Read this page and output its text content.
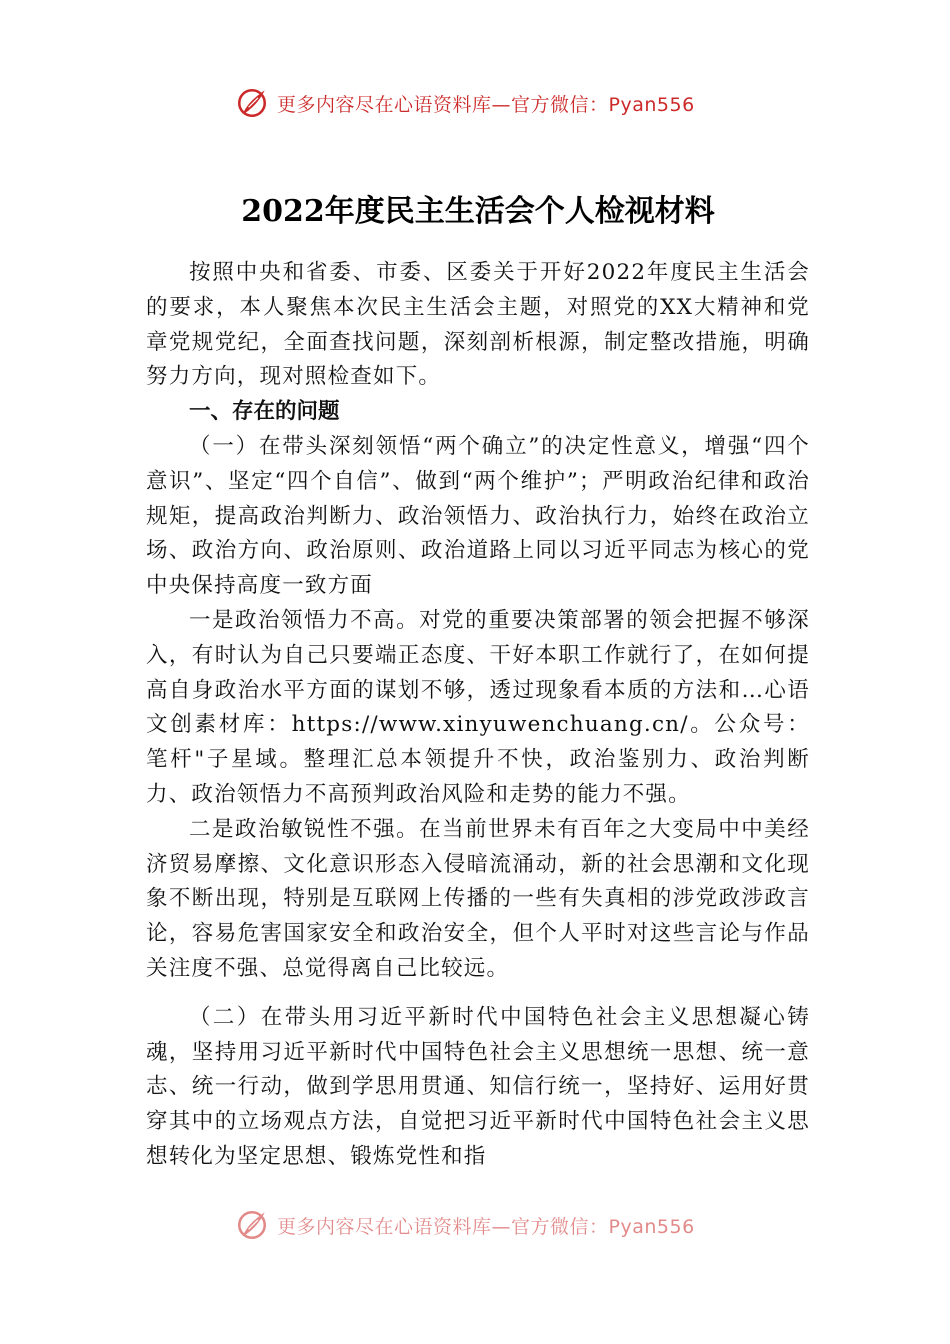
更多内容尽在心语资料库—官方微信：Pyan556
2022年度民主生活会个人检视材料

按照中央和省委、市委、区委关于开好2022年度民主生活会的要求，本人聚焦本次民主生活会主题，对照党的XX大精神和党章党规党纪，全面查找问题，深刻剖析根源，制定整改措施，明确努力方向，现对照检查如下。

一、存在的问题

（一）在带头深刻领悟“两个确立”的决定性意义，增强“四个意识”、坚定“四个自信”、做到“两个维护”；严明政治纪律和政治规矩，提高政治判断力、政治领悟力、政治执行力，始终在政治立场、政治方向、政治原则、政治道路上同以习近平同志为核心的党中央保持高度一致方面

一是政治领悟力不高。对党的重要决策部署的领会把握不够深入，有时认为自己只要端正态度、干好本职工作就行了，在如何提高自身政治水平方面的谋划不够，透过现象看本质的方法和…心语文创素材库：https://www.xinyuwenchuang.cn/。公众号：笔杆"子星域。整理汇总本领提升不快，政治鉴别力、政治判断力、政治领悟力不高预判政治风险和走势的能力不强。

二是政治敏锐性不强。在当前世界未有百年之大变局中中美经济贸易摩擦、文化意识形态入侵暗流涌动，新的社会思潮和文化现象不断出现，特别是互联网上传播的一些有失真相的涉党政涉政言论，容易危害国家安全和政治安全，但个人平时对这些言论与作品关注度不强、总觉得离自己比较远。

（二）在带头用习近平新时代中国特色社会主义思想凝心铸魂，坚持用习近平新时代中国特色社会主义思想统一思想、统一意志、统一行动，做到学思用贯通、知信行统一，坚持好、运用好贯穿其中的立场观点方法，自觉把习近平新时代中国特色社会主义思想转化为坚定思想、锻炼党性和指

更多内容尽在心语资料库—官方微信：Pyan556
